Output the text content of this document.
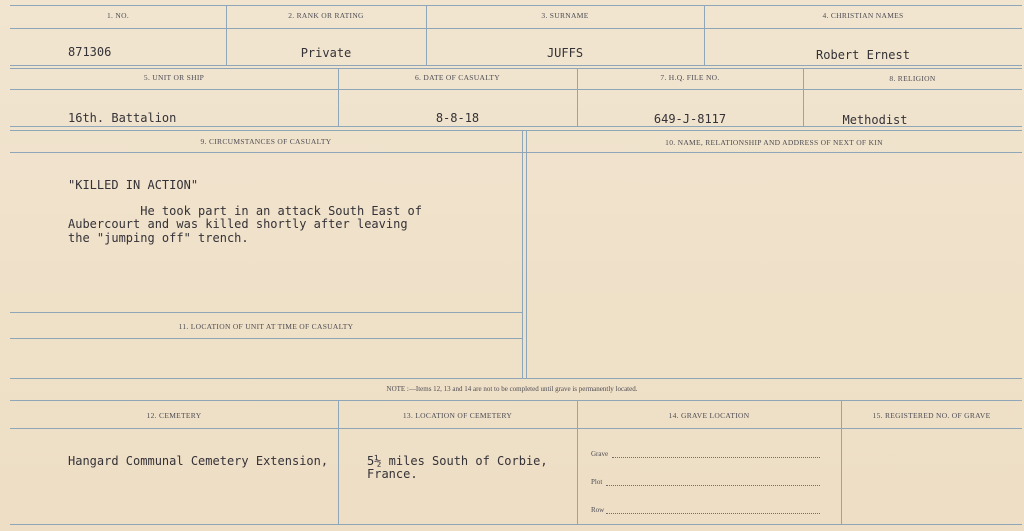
1. NO.	2. RANK OR RATING	3. SURNAME	4. CHRISTIAN NAMES
871306	Private	JUFFS	Robert Ernest
5. UNIT OR SHIP	6. DATE OF CASUALTY	7. H.Q. FILE NO.	8. RELIGION
16th. Battalion	8-8-18	649-J-8117	Methodist
9. CIRCUMSTANCES OF CASUALTY	10. NAME, RELATIONSHIP AND ADDRESS OF NEXT OF KIN
"KILLED IN ACTION"
He took part in an attack South East of
Aubercourt and was killed shortly after leaving
the "jumping off" trench.
11. LOCATION OF UNIT AT TIME OF CASUALTY
NOTE :—Items 12, 13 and 14 are not to be completed until grave is permanently located.
12. CEMETERY	13. LOCATION OF CEMETERY	14. GRAVE LOCATION	15. REGISTERED NO. OF GRAVE
Hangard Communal Cemetery Extension,	5½ miles South of Corbie,
France.
Grave
Plot
Row
